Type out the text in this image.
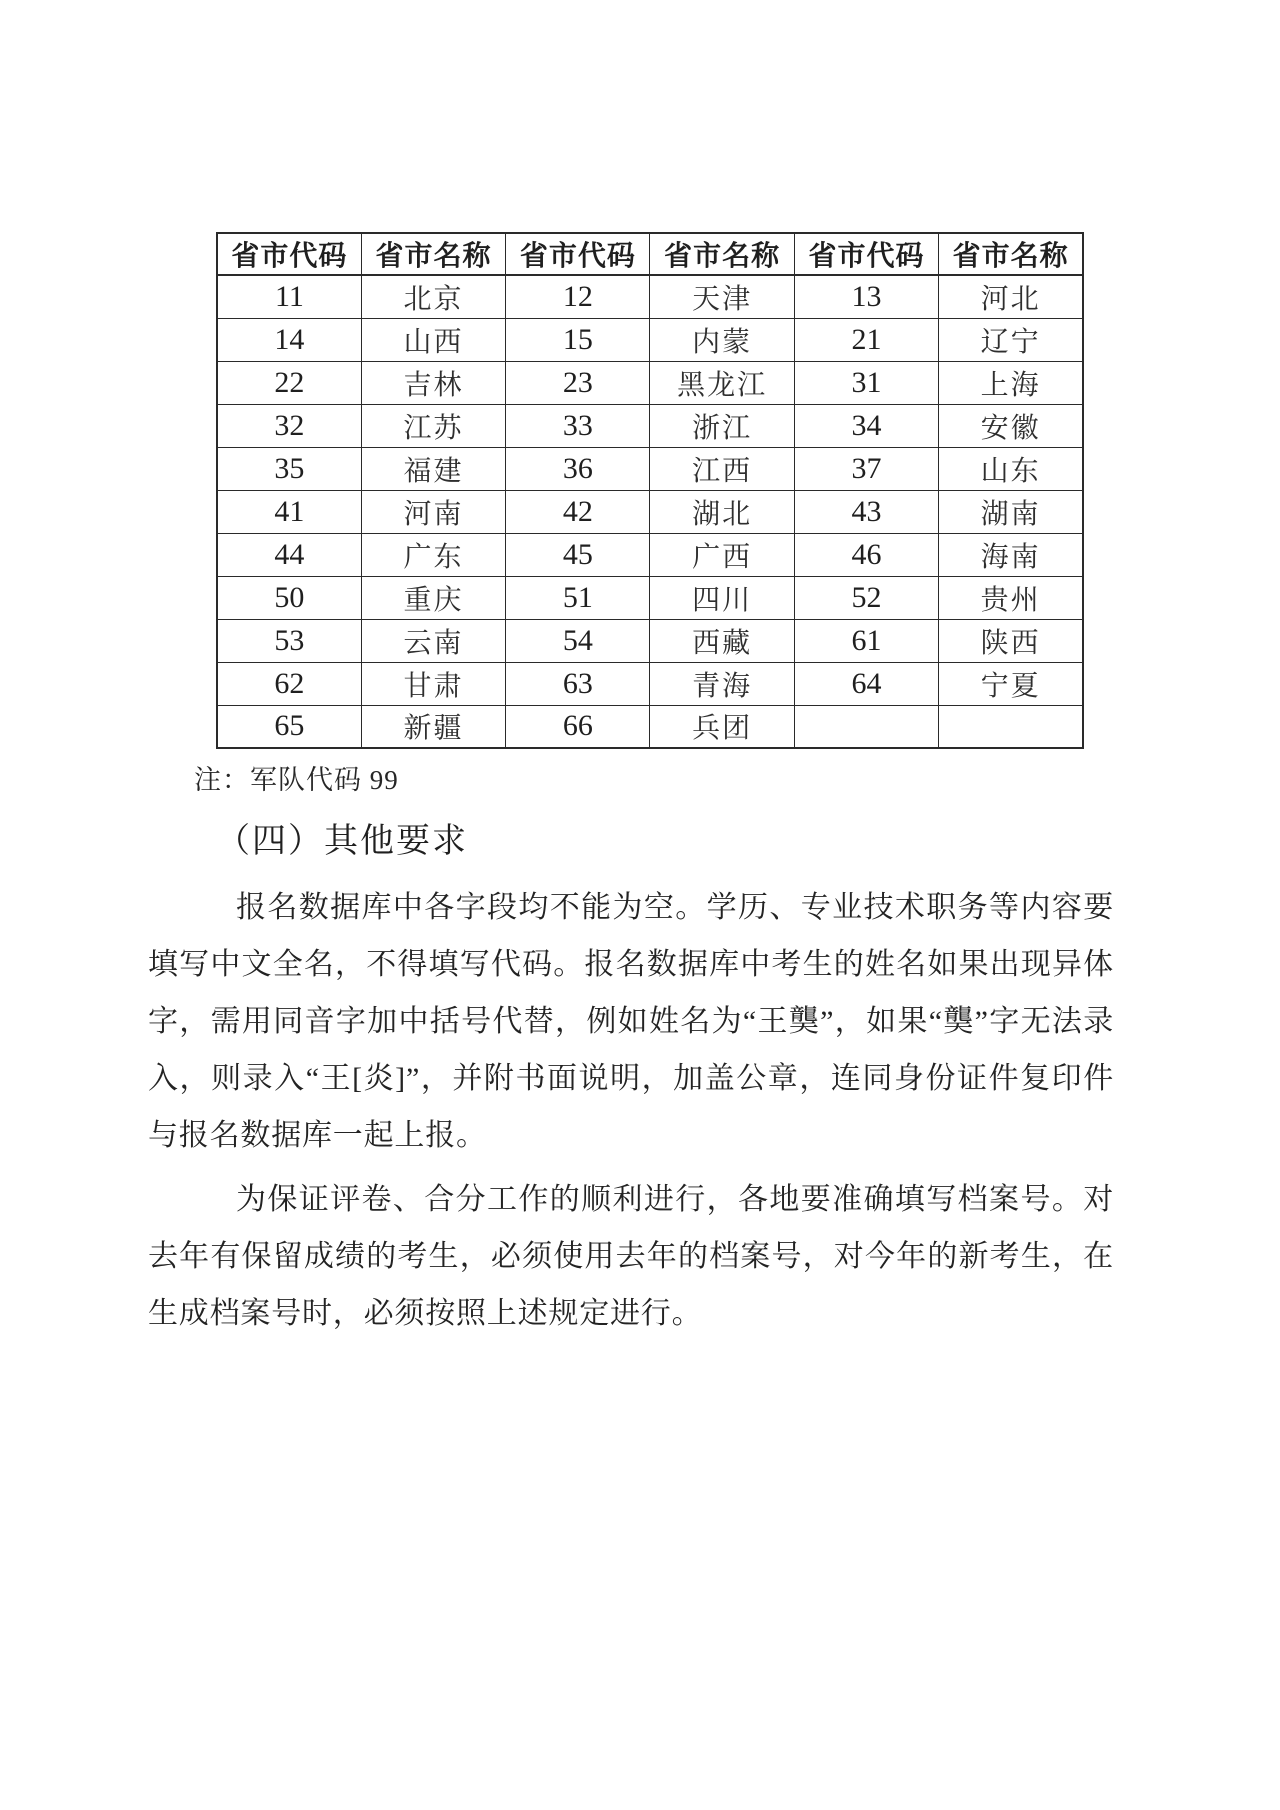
省市代码	省市名称	省市代码	省市名称	省市代码	省市名称
11	北京	12	天津	13	河北
14	山西	15	内蒙	21	辽宁
22	吉林	23	黑龙江	31	上海
32	江苏	33	浙江	34	安徽
35	福建	36	江西	37	山东
41	河南	42	湖北	43	湖南
44	广东	45	广西	46	海南
50	重庆	51	四川	52	贵州
53	云南	54	西藏	61	陕西
62	甘肃	63	青海	64	宁夏
65	新疆	66	兵团		
注：军队代码 99
（四）其他要求

报名数据库中各字段均不能为空。学历、专业技术职务等内容要填写中文全名，不得填写代码。报名数据库中考生的姓名如果出现异体字，需用同音字加中括号代替，例如姓名为“王龑”，如果“龑”字无法录入，则录入“王[炎]”，并附书面说明，加盖公章，连同身份证件复印件与报名数据库一起上报。

为保证评卷、合分工作的顺利进行，各地要准确填写档案号。对去年有保留成绩的考生，必须使用去年的档案号，对今年的新考生，在生成档案号时，必须按照上述规定进行。
